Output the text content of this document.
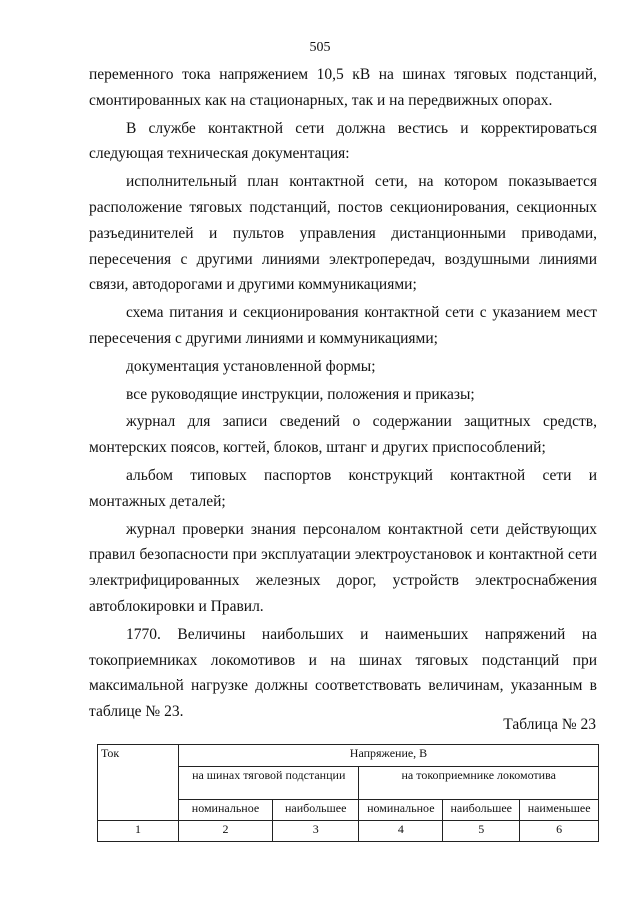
505

переменного тока напряжением 10,5 кВ на шинах тяговых подстанций, смонтированных как на стационарных, так и на передвижных опорах.

В службе контактной сети должна вестись и корректироваться следующая техническая документация:

исполнительный план контактной сети, на котором показывается расположение тяговых подстанций, постов секционирования, секционных разъединителей и пультов управления дистанционными приводами, пересечения с другими линиями электропередач, воздушными линиями связи, автодорогами и другими коммуникациями;

схема питания и секционирования контактной сети с указанием мест пересечения с другими линиями и коммуникациями;

документация установленной формы;

все руководящие инструкции, положения и приказы;

журнал для записи сведений о содержании защитных средств, монтерских поясов, когтей, блоков, штанг и других приспособлений;

альбом типовых паспортов конструкций контактной сети и монтажных деталей;

журнал проверки знания персоналом контактной сети действующих правил безопасности при эксплуатации электроустановок и контактной сети электрифицированных железных дорог, устройств электроснабжения автоблокировки и Правил.

1770. Величины наибольших и наименьших напряжений на токоприемниках локомотивов и на шинах тяговых подстанций при максимальной нагрузке должны соответствовать величинам, указанным в таблице № 23.

Таблица № 23
Ток	Напряжение, В				
	на шинах тяговой подстанции		на токоприемнике локомотива		
	номинальное	наибольшее	номинальное	наибольшее	наименьшее
1	2	3	4	5	6
